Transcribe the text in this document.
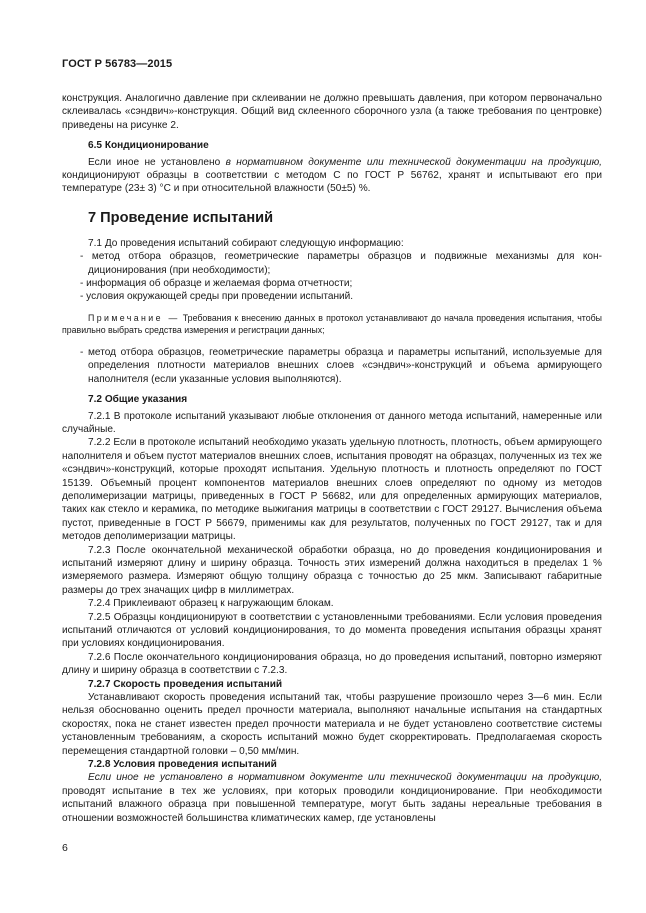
ГОСТ Р 56783—2015

конструкция. Аналогично давление при склеивании не должно превышать давления, при котором первоначально склеивалась «сэндвич»-конструкция. Общий вид склеенного сборочного узла (а также требования по центровке) приведены на рисунке 2.

6.5 Кондиционирование

Если иное не установлено в нормативном документе или технической документации на продукцию, кондиционируют образцы в соответствии с методом С по ГОСТ Р 56762, хранят и испытывают его при температуре (23± 3) °С и при относительной влажности (50±5) %.

7 Проведение испытаний

7.1 До проведения испытаний собирают следующую информацию:

- метод отбора образцов, геометрические параметры образцов и подвижные механизмы для кондиционирования (при необходимости);

- информация об образце и желаемая форма отчетности;

- условия окружающей среды при проведении испытаний.

Примечание — Требования к внесению данных в протокол устанавливают до начала проведения испытания, чтобы правильно выбрать средства измерения и регистрации данных;

- метод отбора образцов, геометрические параметры образца и параметры испытаний, используемые для определения плотности материалов внешних слоев «сэндвич»-конструкций и объема армирующего наполнителя (если указанные условия выполняются).

7.2 Общие указания

7.2.1 В протоколе испытаний указывают любые отклонения от данного метода испытаний, намеренные или случайные.

7.2.2 Если в протоколе испытаний необходимо указать удельную плотность, плотность, объем армирующего наполнителя и объем пустот материалов внешних слоев, испытания проводят на образцах, полученных из тех же «сэндвич»-конструкций, которые проходят испытания. Удельную плотность и плотность определяют по ГОСТ 15139. Объемный процент компонентов материалов внешних слоев определяют по одному из методов деполимеризации матрицы, приведенных в ГОСТ Р 56682, или для определенных армирующих материалов, таких как стекло и керамика, по методике выжигания матрицы в соответствии с ГОСТ 29127. Вычисления объема пустот, приведенные в ГОСТ Р 56679, применимы как для результатов, полученных по ГОСТ 29127, так и для методов деполимеризации матрицы.

7.2.3 После окончательной механической обработки образца, но до проведения кондиционирования и испытаний измеряют длину и ширину образца. Точность этих измерений должна находиться в пределах 1 % измеряемого размера. Измеряют общую толщину образца с точностью до 25 мкм. Записывают габаритные размеры до трех значащих цифр в миллиметрах.

7.2.4 Приклеивают образец к нагружающим блокам.

7.2.5 Образцы кондиционируют в соответствии с установленными требованиями. Если условия проведения испытаний отличаются от условий кондиционирования, то до момента проведения испытания образцы хранят при условиях кондиционирования.

7.2.6 После окончательного кондиционирования образца, но до проведения испытаний, повторно измеряют длину и ширину образца в соответствии с 7.2.3.

7.2.7 Скорость проведения испытаний

Устанавливают скорость проведения испытаний так, чтобы разрушение произошло через 3—6 мин. Если нельзя обоснованно оценить предел прочности материала, выполняют начальные испытания на стандартных скоростях, пока не станет известен предел прочности материала и не будет установлено соответствие системы установленным требованиям, а скорость испытаний можно будет скорректировать. Предполагаемая скорость перемещения стандартной головки – 0,50 мм/мин.

7.2.8 Условия проведения испытаний

Если иное не установлено в нормативном документе или технической документации на продукцию, проводят испытание в тех же условиях, при которых проводили кондиционирование. При необходимости испытаний влажного образца при повышенной температуре, могут быть заданы нереальные требования в отношении возможностей большинства климатических камер, где установлены

6
